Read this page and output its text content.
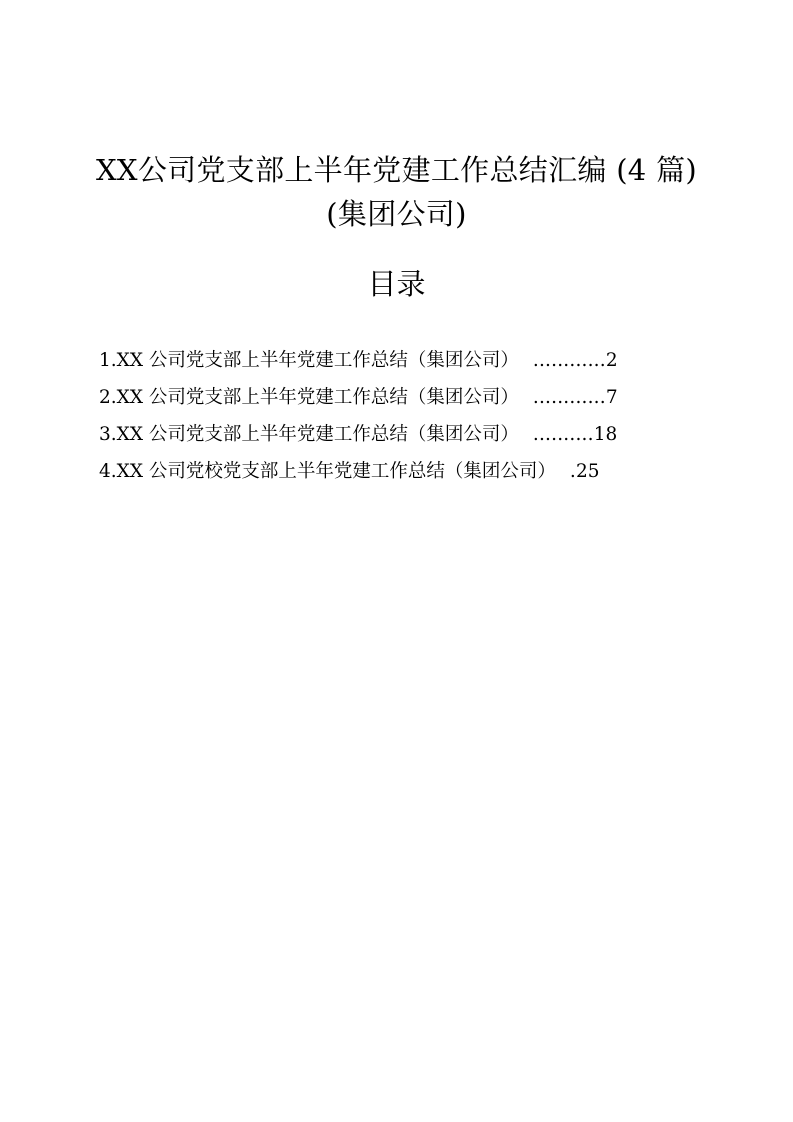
XX公司党支部上半年党建工作总结汇编 (4 篇)
(集团公司)
目录
1.XX 公司党支部上半年党建工作总结（集团公司） ............ 2
2.XX 公司党支部上半年党建工作总结（集团公司） ............ 7
3.XX 公司党支部上半年党建工作总结（集团公司） .......... 18
4.XX 公司党校党支部上半年党建工作总结（集团公司） . 25
